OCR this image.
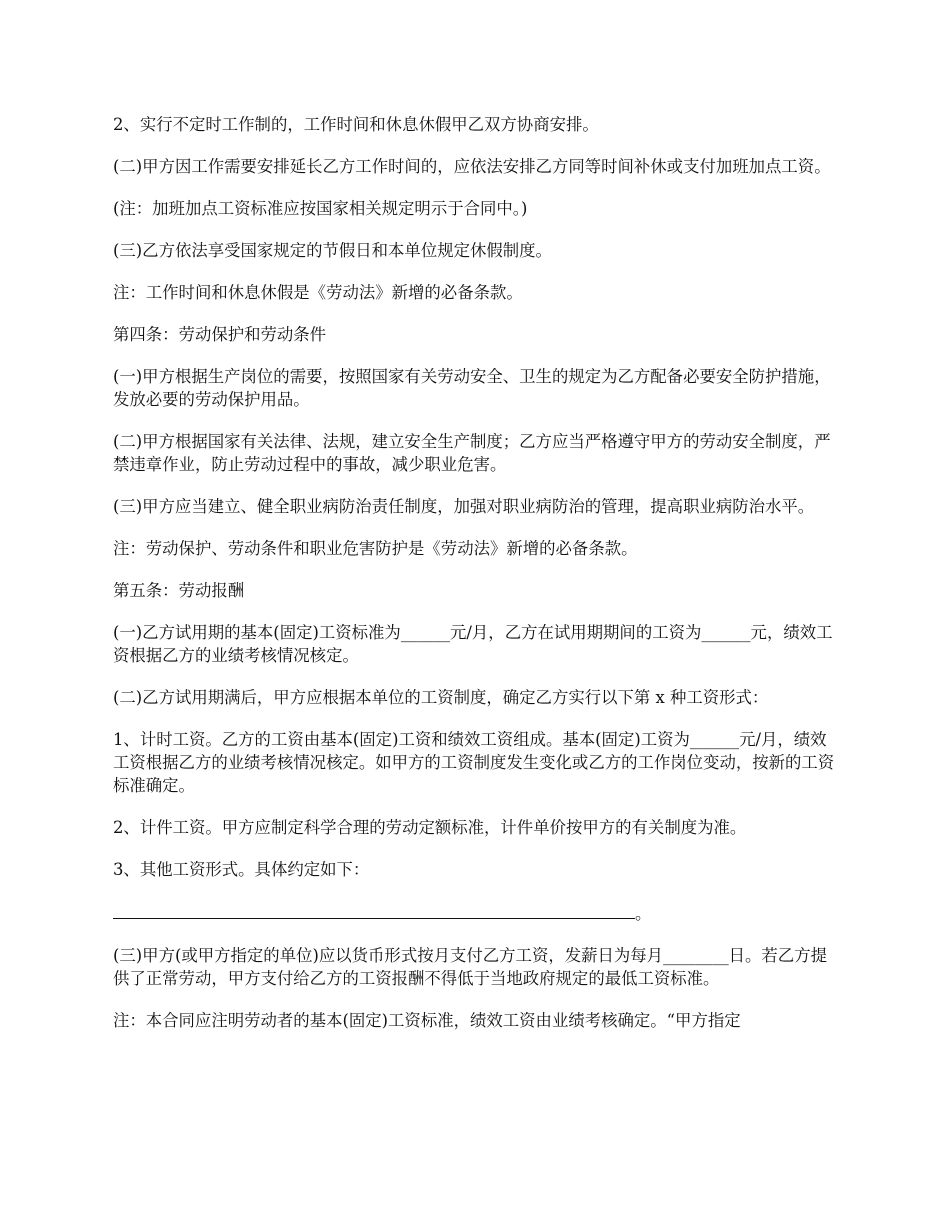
2、实行不定时工作制的，工作时间和休息休假甲乙双方协商安排。

(二)甲方因工作需要安排延长乙方工作时间的，应依法安排乙方同等时间补休或支付加班加点工资。

(注：加班加点工资标准应按国家相关规定明示于合同中。)

(三)乙方依法享受国家规定的节假日和本单位规定休假制度。

注：工作时间和休息休假是《劳动法》新增的必备条款。

第四条：劳动保护和劳动条件

(一)甲方根据生产岗位的需要，按照国家有关劳动安全、卫生的规定为乙方配备必要安全防护措施，发放必要的劳动保护用品。

(二)甲方根据国家有关法律、法规，建立安全生产制度；乙方应当严格遵守甲方的劳动安全制度，严禁违章作业，防止劳动过程中的事故，减少职业危害。

(三)甲方应当建立、健全职业病防治责任制度，加强对职业病防治的管理，提高职业病防治水平。

注：劳动保护、劳动条件和职业危害防护是《劳动法》新增的必备条款。

第五条：劳动报酬

(一)乙方试用期的基本(固定)工资标准为______元/月，乙方在试用期期间的工资为______元，绩效工资根据乙方的业绩考核情况核定。

(二)乙方试用期满后，甲方应根据本单位的工资制度，确定乙方实行以下第 x 种工资形式：

1、计时工资。乙方的工资由基本(固定)工资和绩效工资组成。基本(固定)工资为______元/月，绩效工资根据乙方的业绩考核情况核定。如甲方的工资制度发生变化或乙方的工作岗位变动，按新的工资标准确定。

2、计件工资。甲方应制定科学合理的劳动定额标准，计件单价按甲方的有关制度为准。

3、其他工资形式。具体约定如下：

。

(三)甲方(或甲方指定的单位)应以货币形式按月支付乙方工资，发薪日为每月________日。若乙方提供了正常劳动，甲方支付给乙方的工资报酬不得低于当地政府规定的最低工资标准。

注：本合同应注明劳动者的基本(固定)工资标准，绩效工资由业绩考核确定。“甲方指定
